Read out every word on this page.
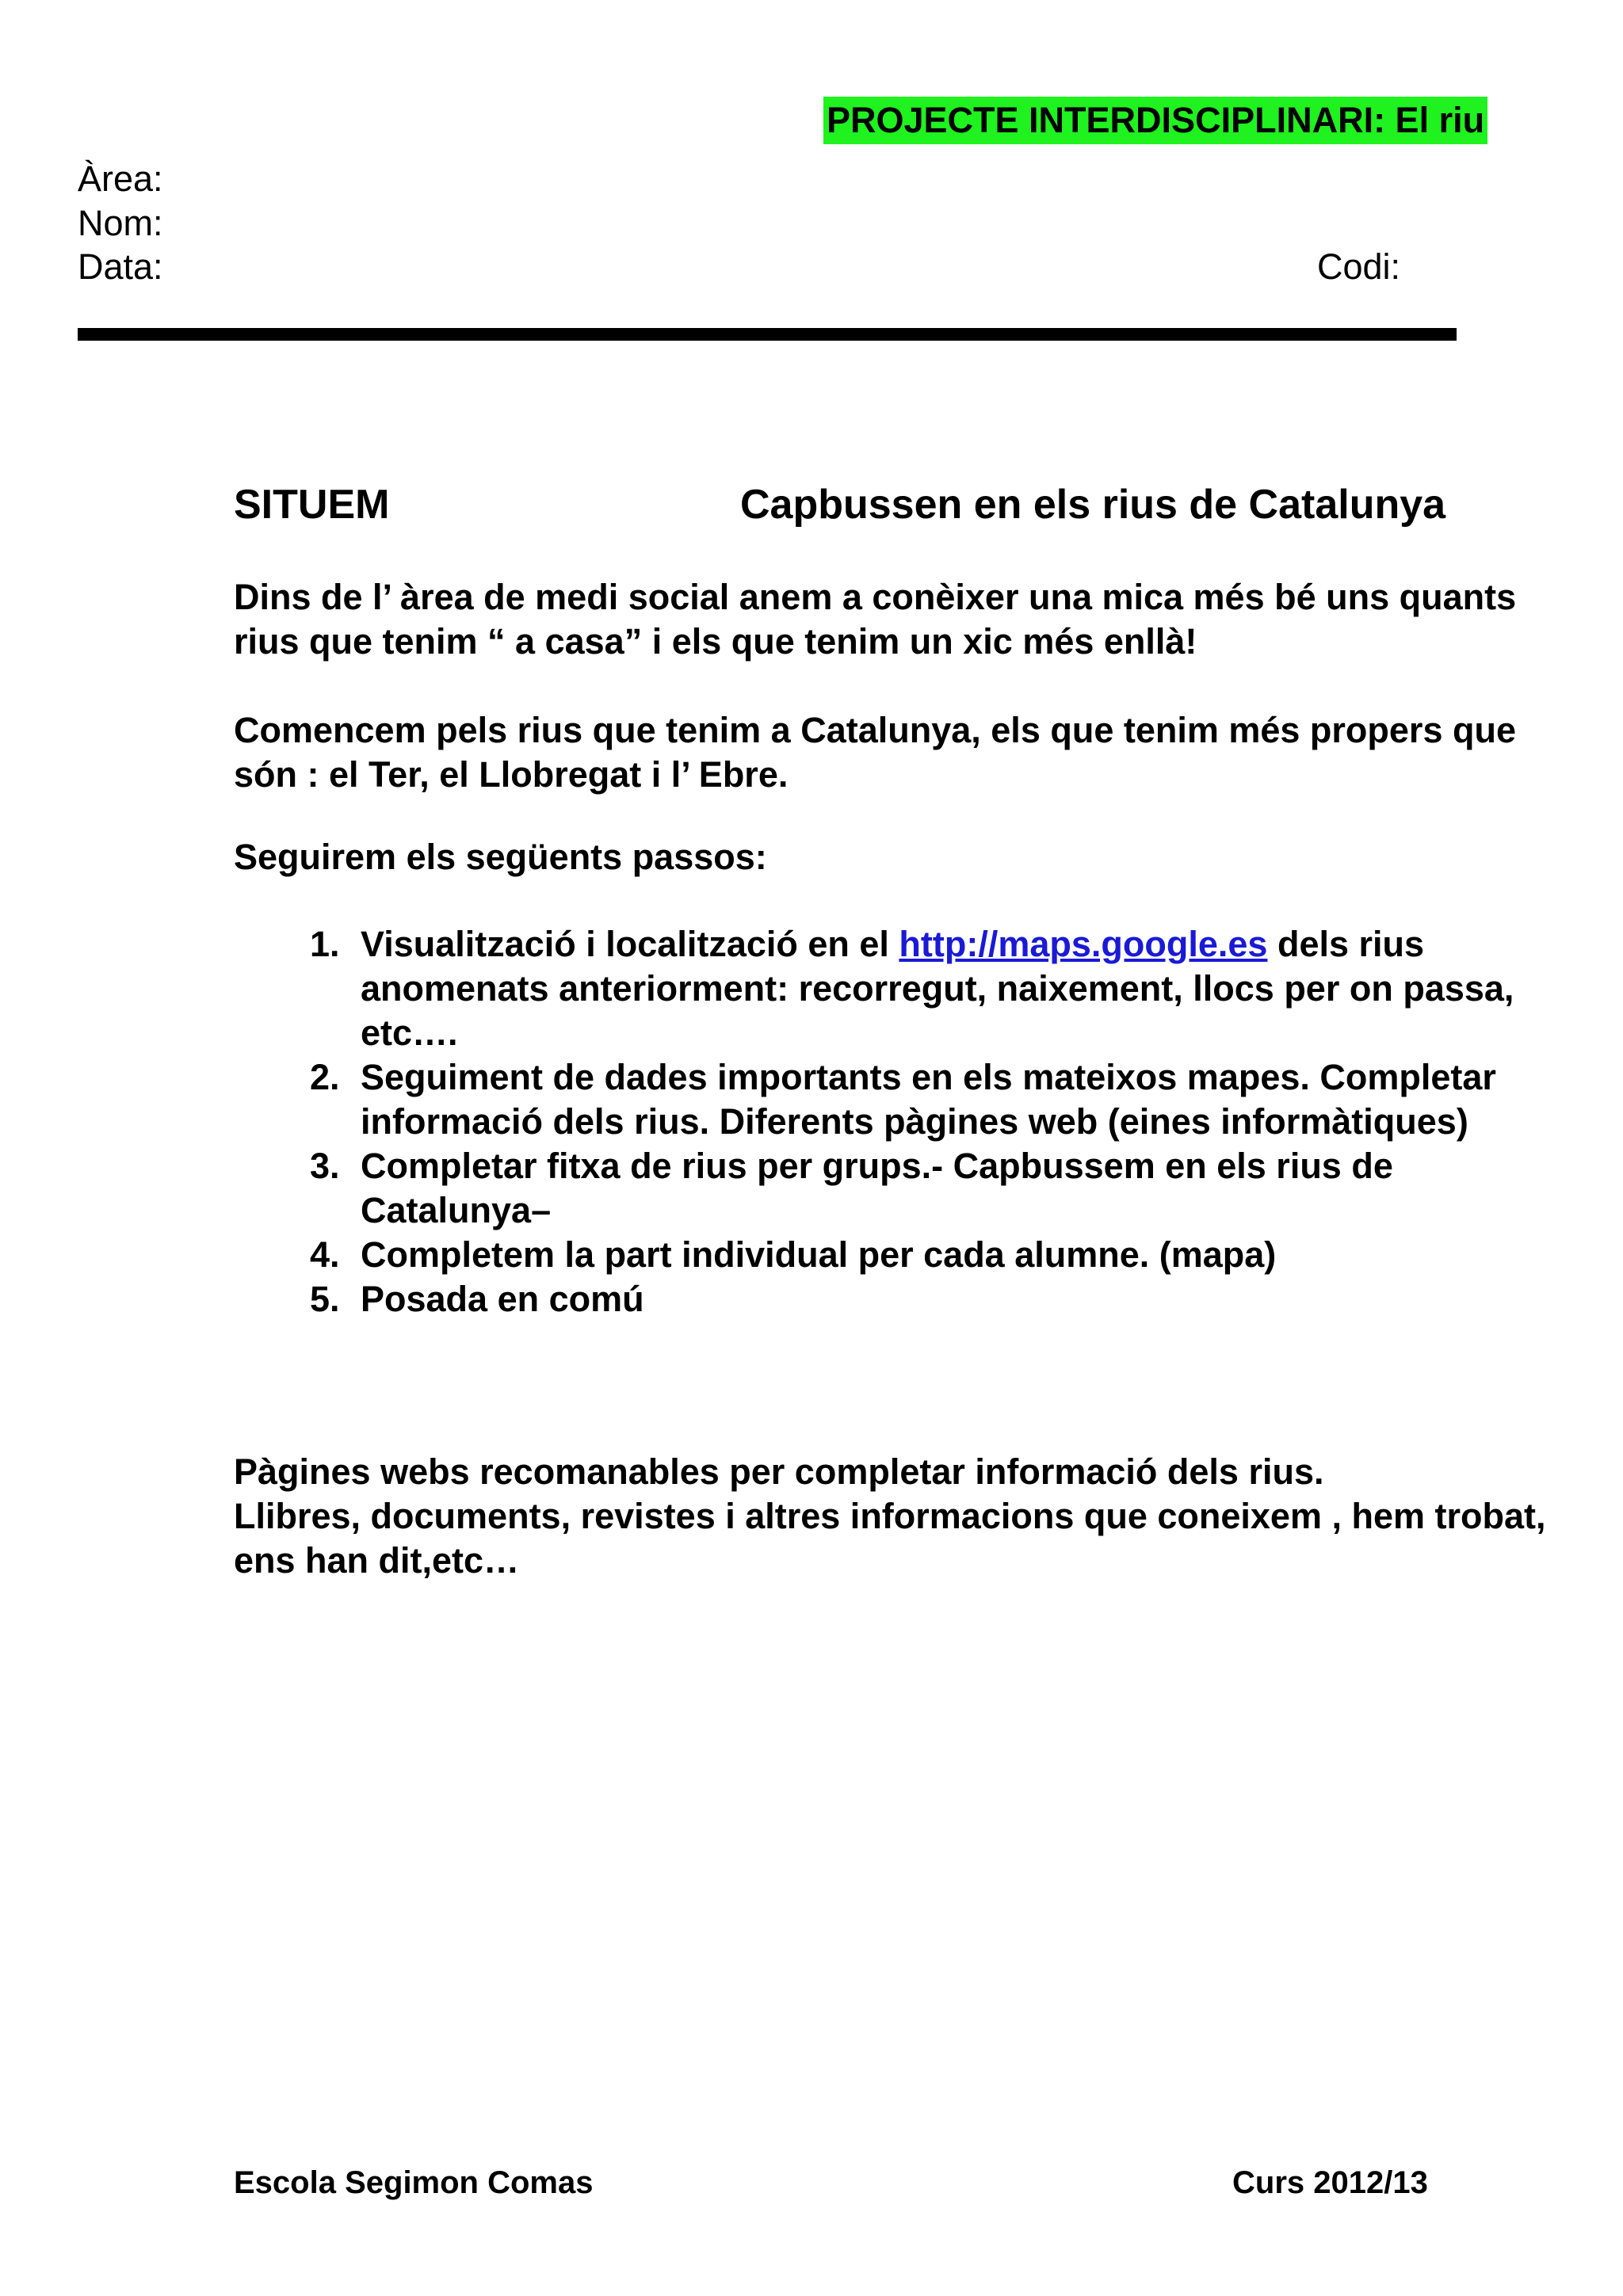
PROJECTE INTERDISCIPLINARI: El riu
Àrea:
Nom:
Data:	Codi:
SITUEM	Capbussen en els rius de Catalunya
Dins de l’ àrea de medi social anem a conèixer una mica més bé uns quants rius que tenim “ a casa” i els que tenim un xic més enllà!
Comencem pels rius que tenim a Catalunya, els que tenim més propers que són : el Ter, el Llobregat i l’ Ebre.
Seguirem els següents passos:
1. Visualització i localització en el http://maps.google.es dels rius anomenats anteriorment: recorregut, naixement, llocs per on passa, etc….
2. Seguiment de dades importants en els mateixos mapes. Completar informació dels rius. Diferents pàgines web (eines informàtiques)
3. Completar fitxa de rius per grups.- Capbussem en els rius de Catalunya–
4. Completem la part individual per cada alumne. (mapa)
5. Posada en comú
Pàgines webs recomanables per completar informació dels rius.
Llibres, documents, revistes i altres informacions que coneixem , hem trobat, ens han dit,etc…
Escola Segimon Comas	Curs 2012/13
